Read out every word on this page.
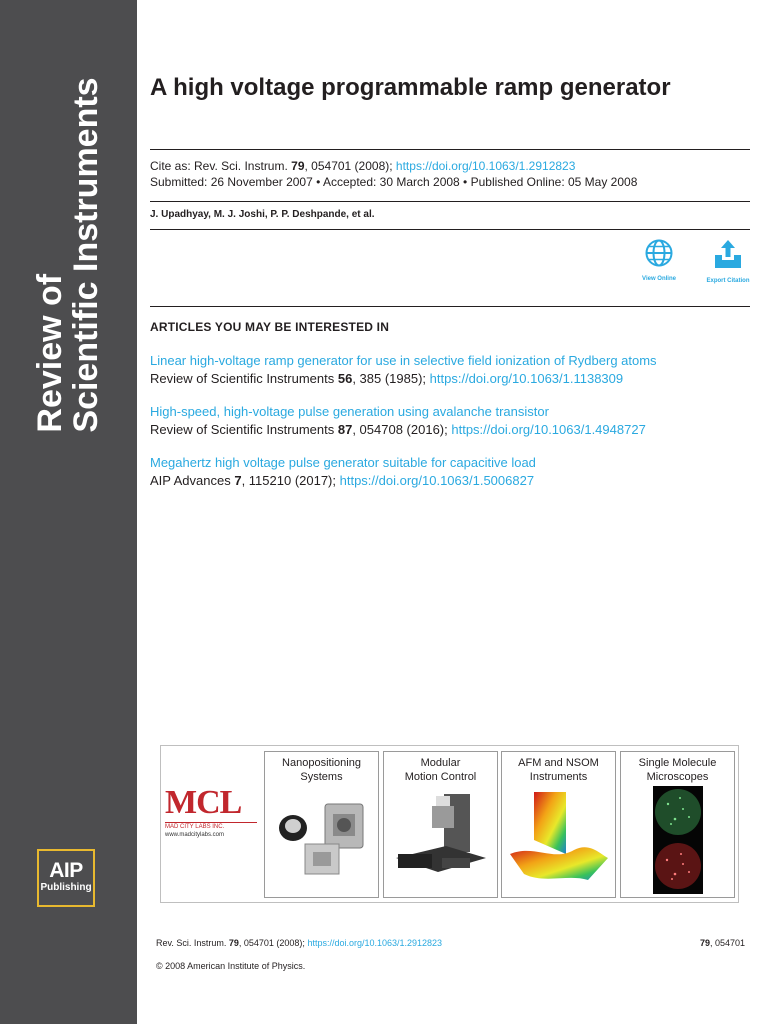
Review of
Scientific Instruments
AIP
Publishing
A high voltage programmable ramp generator
Cite as: Rev. Sci. Instrum. 79, 054701 (2008); https://doi.org/10.1063/1.2912823
Submitted: 26 November 2007 • Accepted: 30 March 2008 • Published Online: 05 May 2008
J. Upadhyay, M. J. Joshi, P. P. Deshpande, et al.
View Online	Export Citation
ARTICLES YOU MAY BE INTERESTED IN
Linear high‐voltage ramp generator for use in selective field ionization of Rydberg atoms
Review of Scientific Instruments 56, 385 (1985); https://doi.org/10.1063/1.1138309
High-speed, high-voltage pulse generation using avalanche transistor
Review of Scientific Instruments 87, 054708 (2016); https://doi.org/10.1063/1.4948727
Megahertz high voltage pulse generator suitable for capacitive load
AIP Advances 7, 115210 (2017); https://doi.org/10.1063/1.5006827
MCL
MAD CITY LABS INC.
www.madcitylabs.com
Nanopositioning
Systems
Modular
Motion Control
AFM and NSOM
Instruments
Single Molecule
Microscopes
Rev. Sci. Instrum. 79, 054701 (2008); https://doi.org/10.1063/1.2912823	79, 054701
© 2008 American Institute of Physics.
